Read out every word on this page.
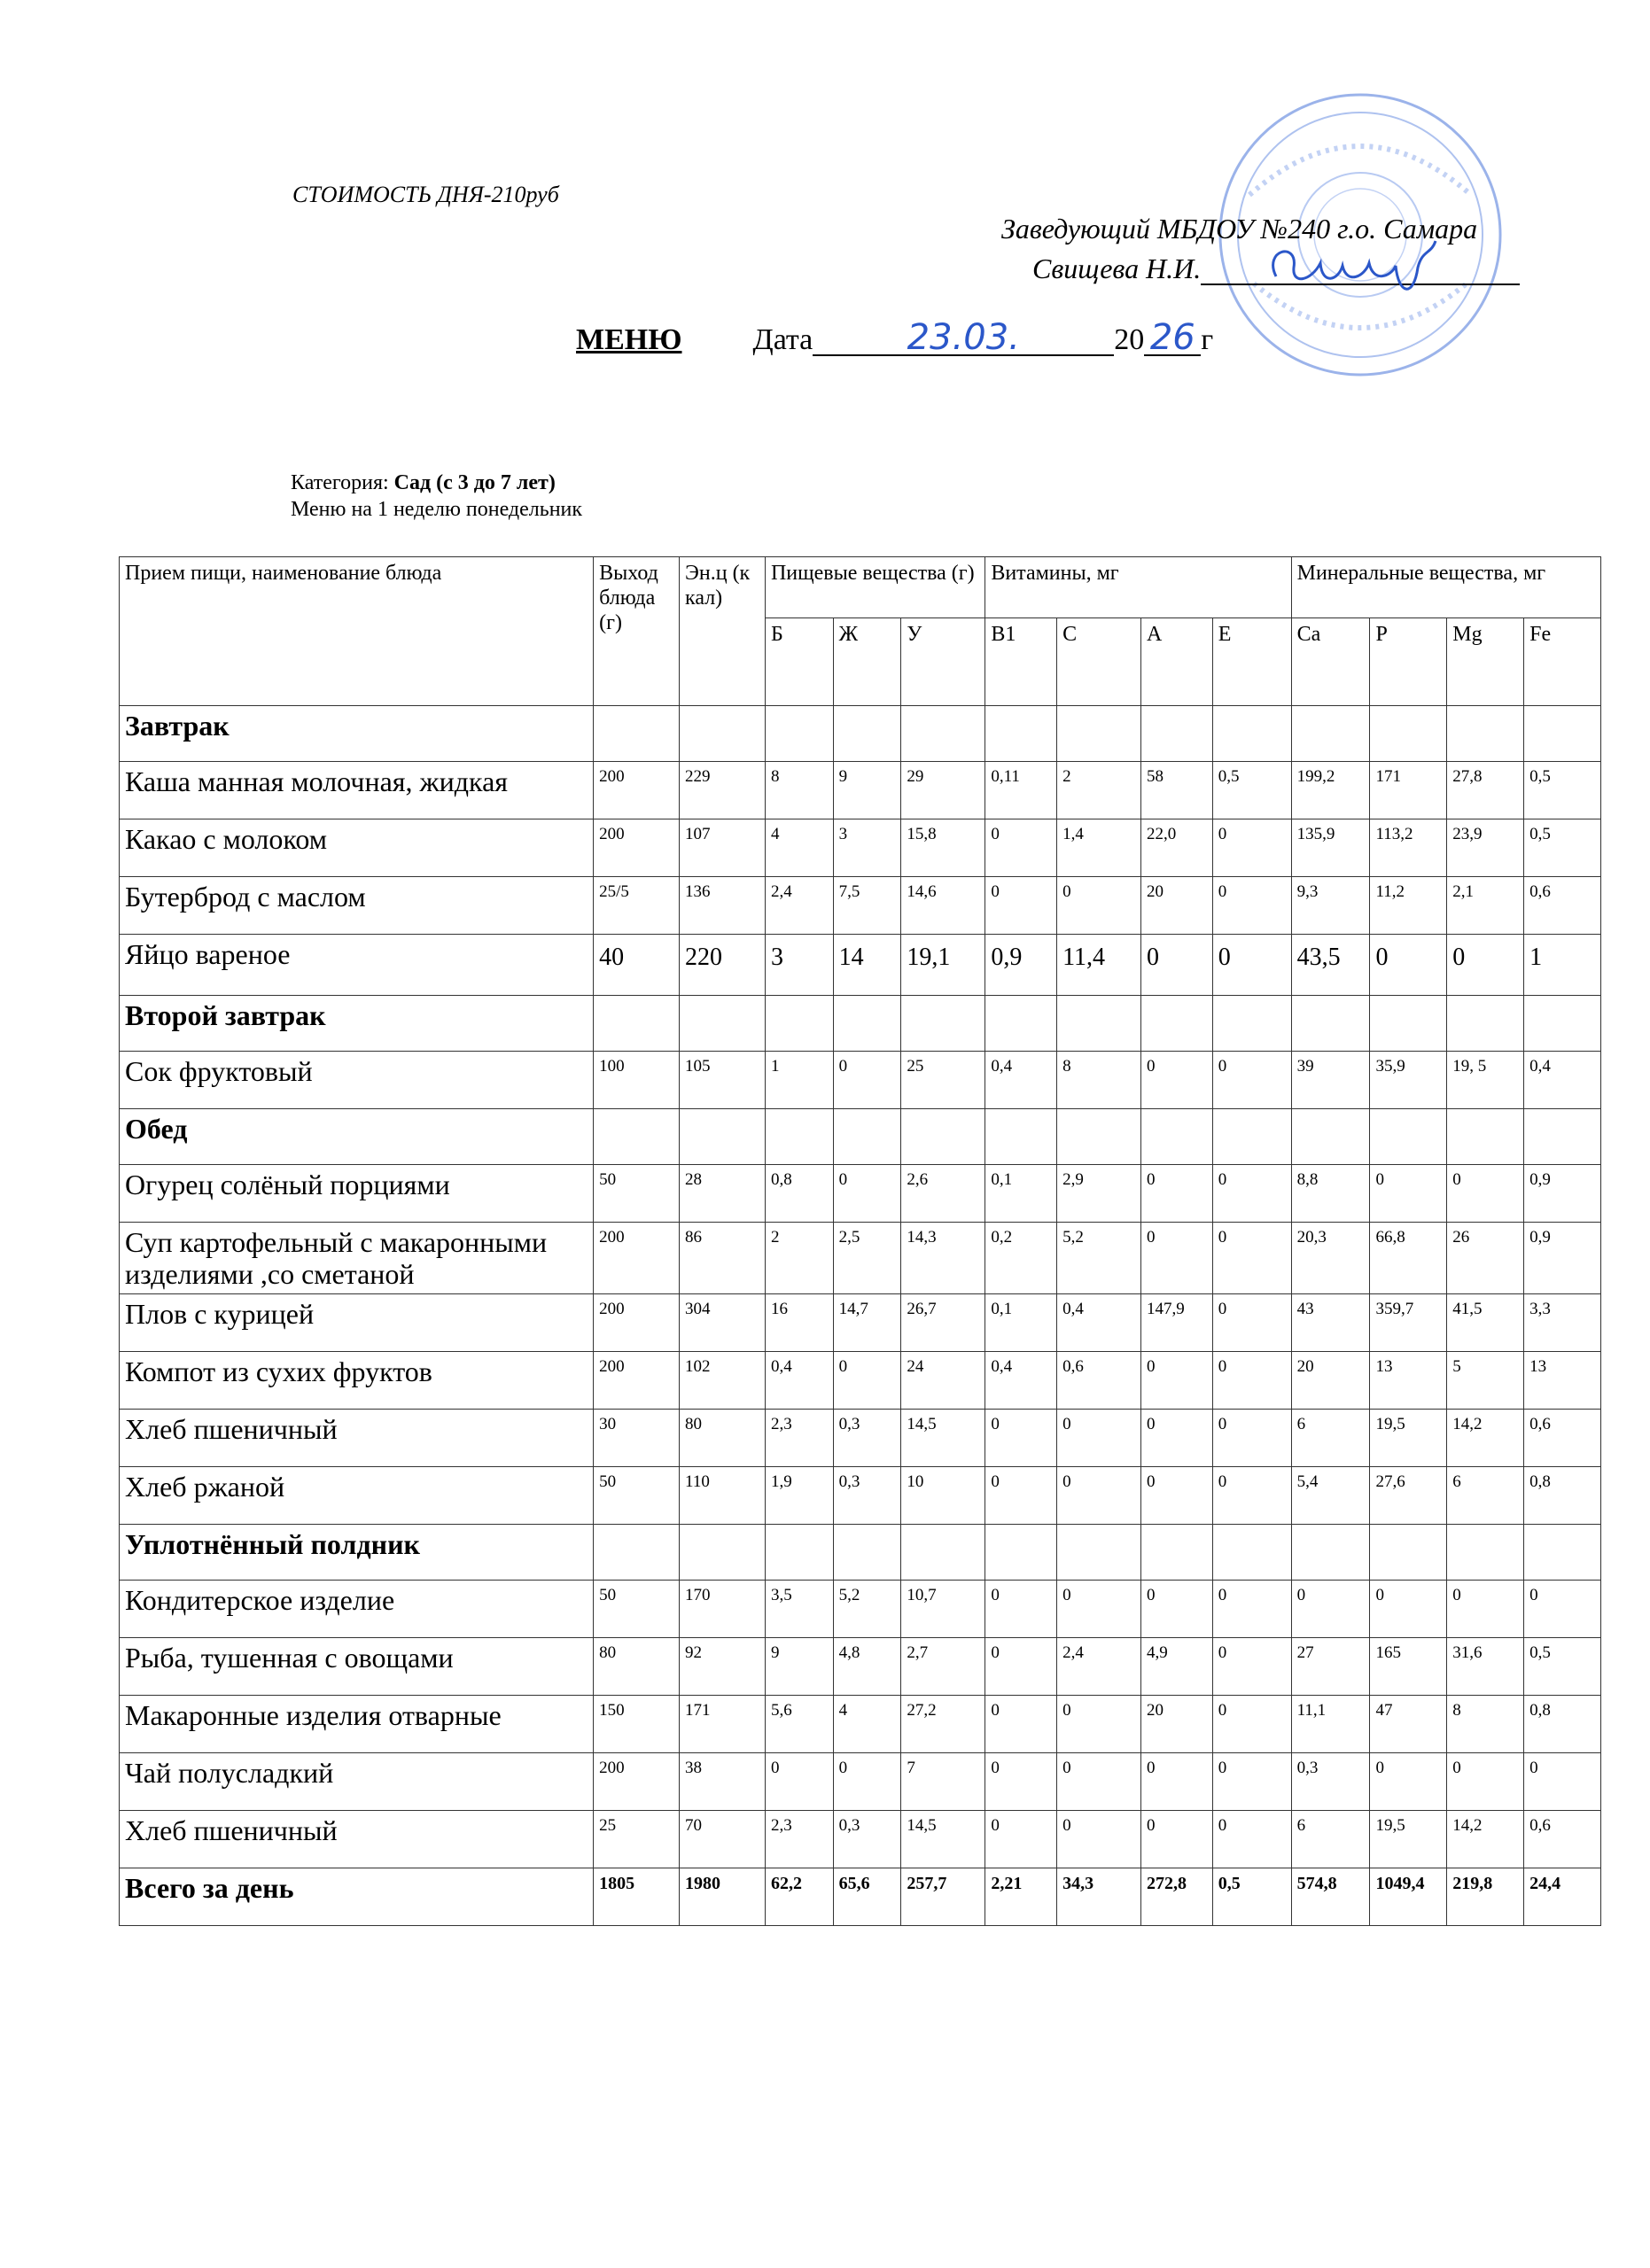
СТОИМОСТЬ ДНЯ-210руб
Заведующий МБДОУ №240 г.о. Самара
Свищева Н.И.
МЕНЮ Дата	23.03.	20 26 г
Категория: Сад (с 3 до 7 лет)
Меню на 1 неделю понедельник
Прием пищи, наименование блюда	Выход блюда (г)	Эн.ц (ккал)	Пищевые вещества (г)			Витамины, мг				Минеральные вещества, мг			
			Б	Ж	У	В1	С	А	Е	Са	Р	Mg	Fe
Завтрак													
Каша манная молочная, жидкая	200	229	8	9	29	0,11	2	58	0,5	199,2	171	27,8	0,5
Какао с молоком	200	107	4	3	15,8	0	1,4	22,0	0	135,9	113,2	23,9	0,5
Бутерброд с маслом	25/5	136	2,4	7,5	14,6	0	0	20	0	9,3	11,2	2,1	0,6
Яйцо вареное	40	220	3	14	19,1	0,9	11,4	0	0	43,5	0	0	1
Второй завтрак													
Сок фруктовый	100	105	1	0	25	0,4	8	0	0	39	35,9	19, 5	0,4
Обед													
Огурец солёный порциями	50	28	0,8	0	2,6	0,1	2,9	0	0	8,8	0	0	0,9
Суп картофельный с макаронными изделиями ,со сметаной	200	86	2	2,5	14,3	0,2	5,2	0	0	20,3	66,8	26	0,9
Плов с курицей	200	304	16	14,7	26,7	0,1	0,4	147,9	0	43	359,7	41,5	3,3
Компот из сухих фруктов	200	102	0,4	0	24	0,4	0,6	0	0	20	13	5	13
Хлеб пшеничный	30	80	2,3	0,3	14,5	0	0	0	0	6	19,5	14,2	0,6
Хлеб ржаной	50	110	1,9	0,3	10	0	0	0	0	5,4	27,6	6	0,8
Уплотнённый полдник													
Кондитерское изделие	50	170	3,5	5,2	10,7	0	0	0	0	0	0	0	0
Рыба, тушенная с овощами	80	92	9	4,8	2,7	0	2,4	4,9	0	27	165	31,6	0,5
Макаронные изделия отварные	150	171	5,6	4	27,2	0	0	20	0	11,1	47	8	0,8
Чай полусладкий	200	38	0	0	7	0	0	0	0	0,3	0	0	0
Хлеб пшеничный	25	70	2,3	0,3	14,5	0	0	0	0	6	19,5	14,2	0,6
Всего за день	1805	1980	62,2	65,6	257,7	2,21	34,3	272,8	0,5	574,8	1049,4	219,8	24,4
